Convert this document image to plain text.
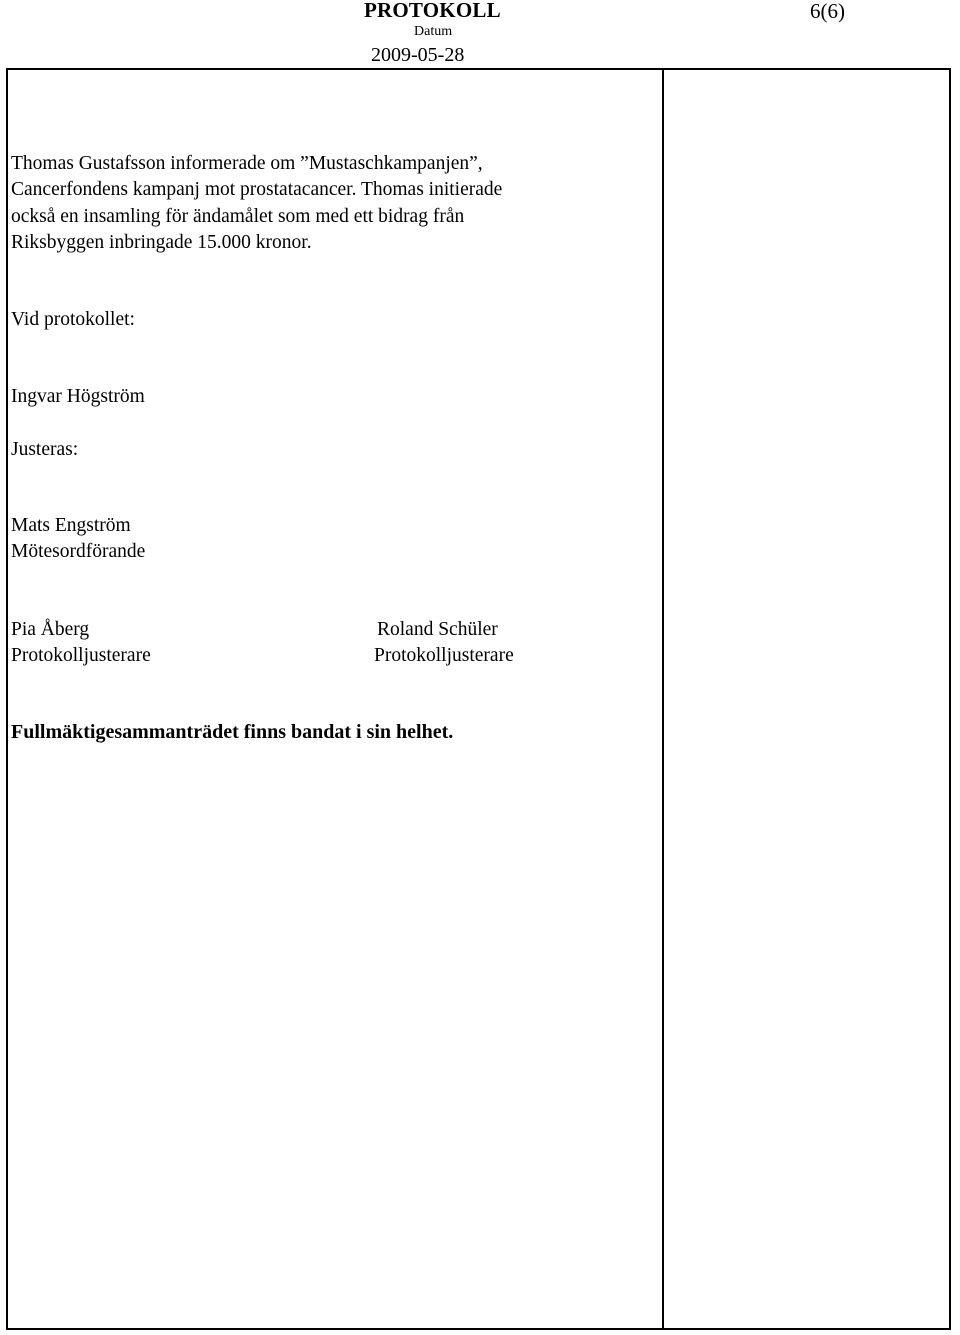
PROTOKOLL	6(6)
Datum
2009-05-28
Thomas Gustafsson informerade om ”Mustaschkampanjen”,
Cancerfondens kampanj mot prostatacancer. Thomas initierade
också en insamling för ändamålet som med ett bidrag från
Riksbyggen inbringade 15.000 kronor.
Vid protokollet:
Ingvar Högström
Justeras:
Mats Engström
Mötesordförande
Pia Åberg
Protokolljusterare
Roland Schüler
Protokolljusterare
Fullmäktigesammanträdet finns bandat i sin helhet.
